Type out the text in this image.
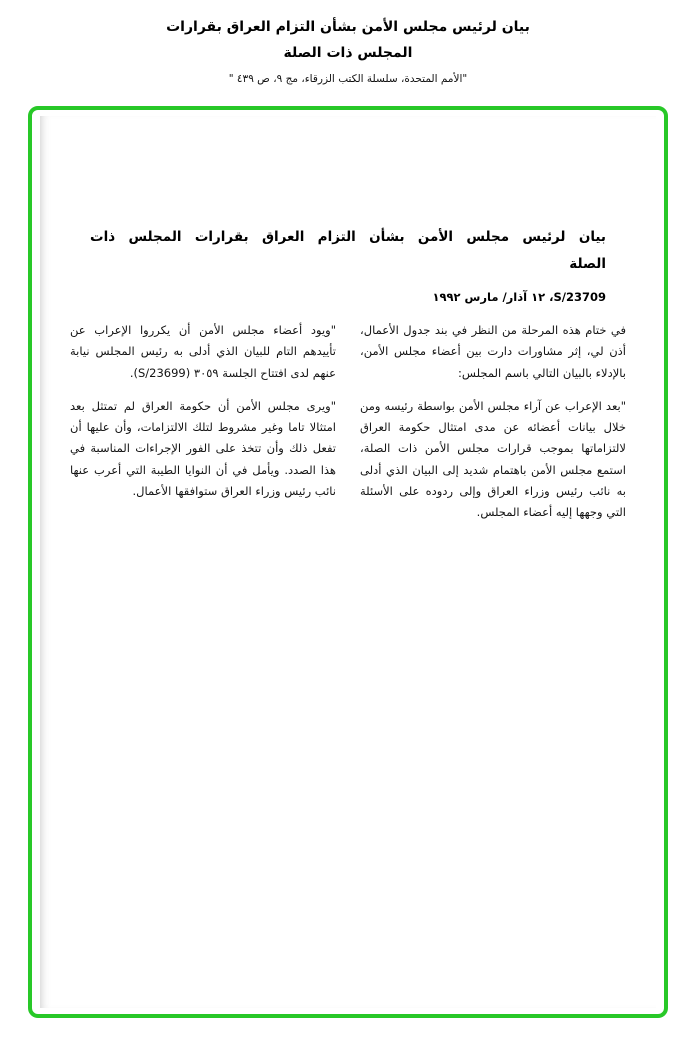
بيان لرئيس مجلس الأمن بشأن التزام العراق بقرارات
المجلس ذات الصلة
"الأمم المتحدة، سلسلة الكتب الزرقاء، مج ٩، ص ٤٣٩ "
بيان لرئيس مجلس الأمن بشأن التزام العراق بقرارات المجلس ذات الصلة
S/23709، ١٢ آذار/ مارس ١٩٩٢

في ختام هذه المرحلة من النظر في بند جدول الأعمال، أذن لي، إثر مشاورات دارت بين أعضاء مجلس الأمن، بالإدلاء بالبيان التالي باسم المجلس:

"بعد الإعراب عن آراء مجلس الأمن بواسطة رئيسه ومن خلال بيانات أعضائه عن مدى امتثال حكومة العراق لالتزاماتها بموجب قرارات مجلس الأمن ذات الصلة، استمع مجلس الأمن باهتمام شديد إلى البيان الذي أدلى به نائب رئيس وزراء العراق وإلى ردوده على الأسئلة التي وجهها إليه أعضاء المجلس.

"ويود أعضاء مجلس الأمن أن يكرروا الإعراب عن تأييدهم التام للبيان الذي أدلى به رئيس المجلس نيابة عنهم لدى افتتاح الجلسة ٣٠٥٩ (S/23699).

"ويرى مجلس الأمن أن حكومة العراق لم تمتثل بعد امتثالا تاما وغير مشروط لتلك الالتزامات، وأن عليها أن تفعل ذلك وأن تتخذ على الفور الإجراءات المناسبة في هذا الصدد. ويأمل في أن النوايا الطيبة التي أعرب عنها نائب رئيس وزراء العراق ستوافقها الأعمال.
